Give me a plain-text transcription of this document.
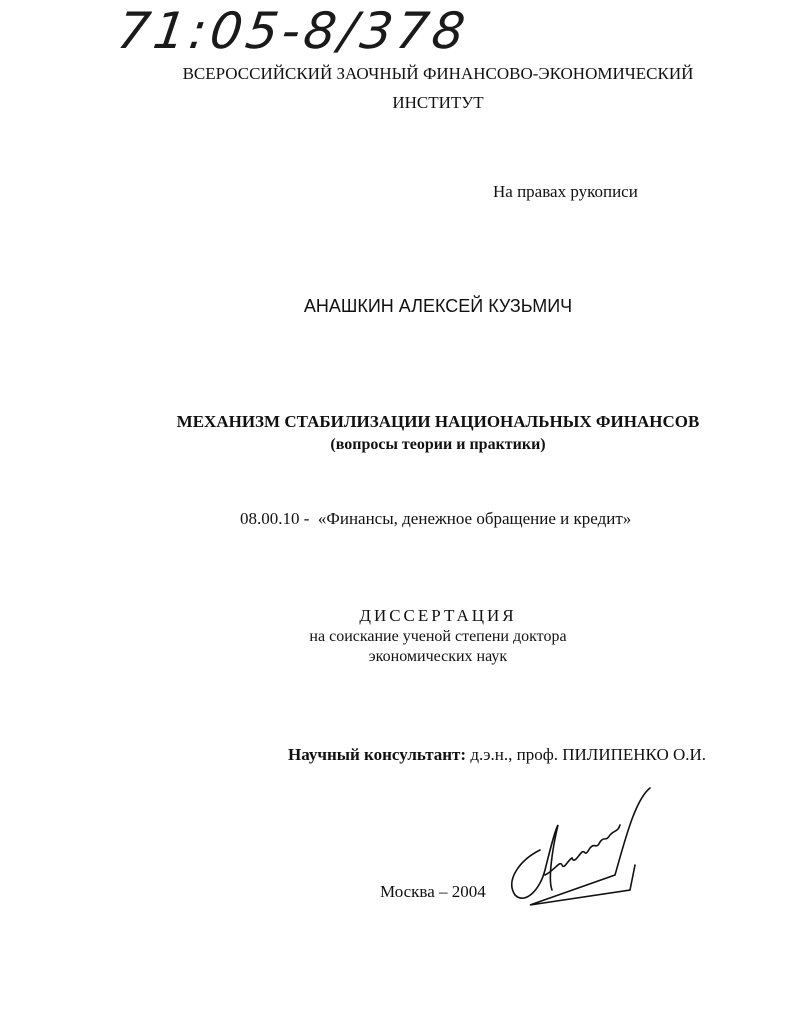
71:05-8/378
ВСЕРОССИЙСКИЙ ЗАОЧНЫЙ ФИНАНСОВО-ЭКОНОМИЧЕСКИЙ
ИНСТИТУТ
На правах рукописи
АНАШКИН АЛЕКСЕЙ КУЗЬМИЧ
МЕХАНИЗМ СТАБИЛИЗАЦИИ НАЦИОНАЛЬНЫХ ФИНАНСОВ
(вопросы теории и практики)
08.00.10 -  «Финансы, денежное обращение и кредит»
ДИССЕРТАЦИЯ
на соискание ученой степени доктора
экономических наук
Научный консультант: д.э.н., проф. ПИЛИПЕНКО О.И.
Москва – 2004
